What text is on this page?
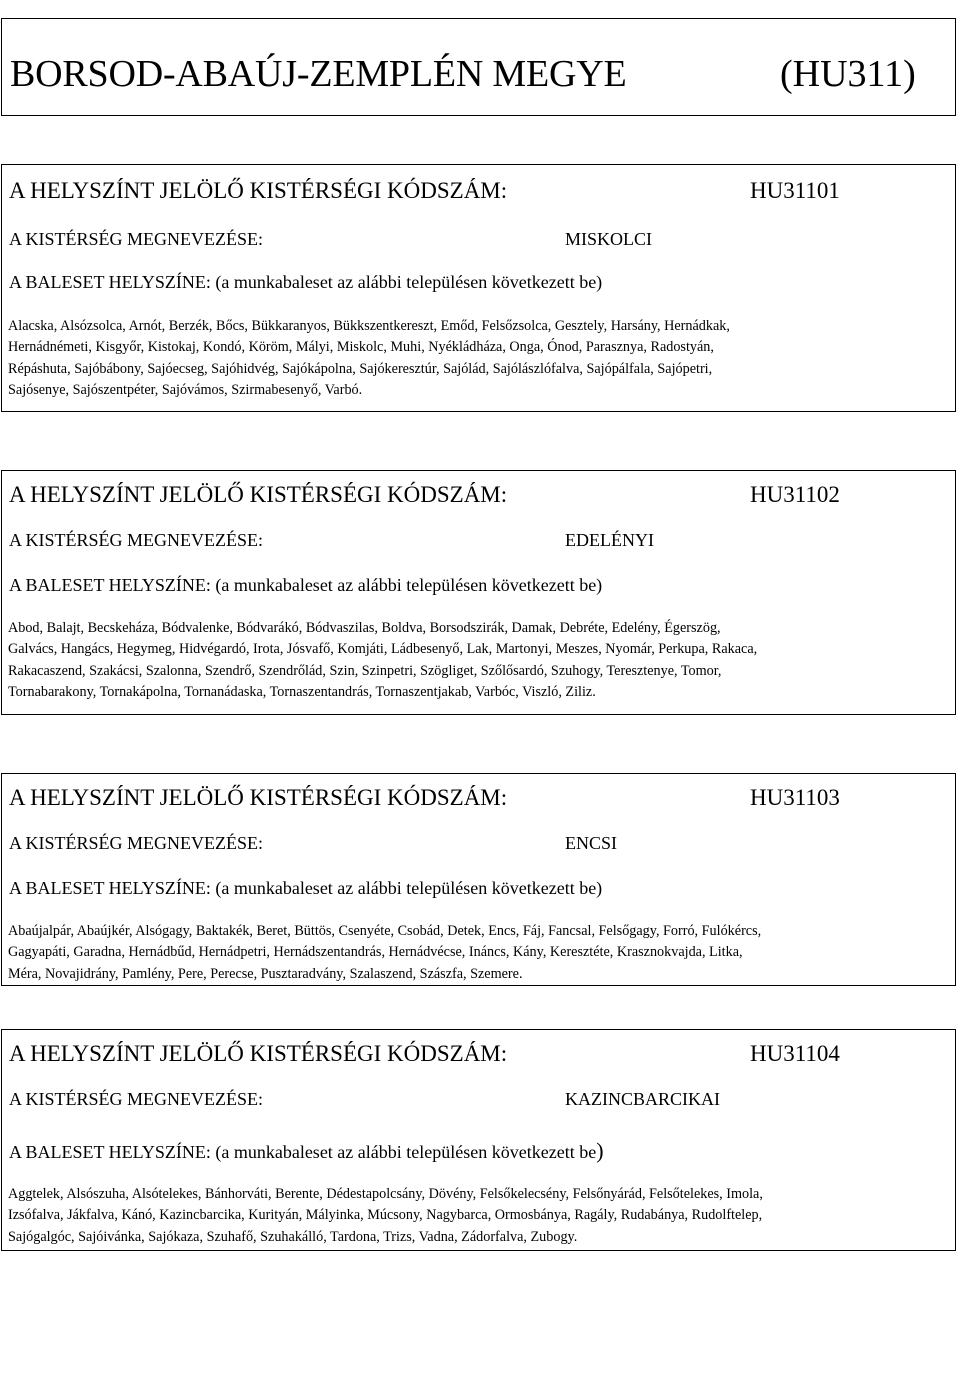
BORSOD-ABAÚJ-ZEMPLÉN MEGYE	(HU311)
A HELYSZÍNT JELÖLŐ KISTÉRSÉGI KÓDSZÁM:	HU31101
A KISTÉRSÉG MEGNEVEZÉSE:	MISKOLCI
A BALESET HELYSZÍNE: (a munkabaleset az alábbi településen következett be)
Alacska, Alsózsolca, Arnót, Berzék, Bőcs, Bükkaranyos, Bükkszentkereszt, Emőd, Felsőzsolca, Gesztely, Harsány, Hernádkak,
Hernádnémeti, Kisgyőr, Kistokaj, Kondó, Köröm, Mályi, Miskolc, Muhi, Nyékládháza, Onga, Ónod, Parasznya, Radostyán,
Répáshuta, Sajóbábony, Sajóecseg, Sajóhidvég, Sajókápolna, Sajókeresztúr, Sajólád, Sajólászlófalva, Sajópálfala, Sajópetri,
Sajósenye, Sajószentpéter, Sajóvámos, Szirmabesenyő, Varbó.
A HELYSZÍNT JELÖLŐ KISTÉRSÉGI KÓDSZÁM:	HU31102
A KISTÉRSÉG MEGNEVEZÉSE:	EDELÉNYI
A BALESET HELYSZÍNE: (a munkabaleset az alábbi településen következett be)
Abod, Balajt, Becskeháza, Bódvalenke, Bódvarákó, Bódvaszilas, Boldva, Borsodszirák, Damak, Debréte, Edelény, Égerszög,
Galvács, Hangács, Hegymeg, Hidvégardó, Irota, Jósvafő, Komjáti, Ládbesenyő, Lak, Martonyi, Meszes, Nyomár, Perkupa, Rakaca,
Rakacaszend, Szakácsi, Szalonna, Szendrő, Szendrőlád, Szin, Szinpetri, Szögliget, Szőlősardó, Szuhogy, Teresztenye, Tomor,
Tornabarakony, Tornakápolna, Tornanádaska, Tornaszentandrás, Tornaszentjakab, Varbóc, Viszló, Ziliz.
A HELYSZÍNT JELÖLŐ KISTÉRSÉGI KÓDSZÁM:	HU31103
A KISTÉRSÉG MEGNEVEZÉSE:	ENCSI
A BALESET HELYSZÍNE: (a munkabaleset az alábbi településen következett be)
Abaújalpár, Abaújkér, Alsógagy, Baktakék, Beret, Büttös, Csenyéte, Csobád, Detek, Encs, Fáj, Fancsal, Felsőgagy, Forró, Fulókércs,
Gagyapáti, Garadna, Hernádbűd, Hernádpetri, Hernádszentandrás, Hernádvécse, Ináncs, Kány, Keresztéte, Krasznokvajda, Litka,
Méra, Novajidrány, Pamlény, Pere, Perecse, Pusztaradvány, Szalaszend, Szászfa, Szemere.
A HELYSZÍNT JELÖLŐ KISTÉRSÉGI KÓDSZÁM:	HU31104
A KISTÉRSÉG MEGNEVEZÉSE:	KAZINCBARCIKAI
A BALESET HELYSZÍNE: (a munkabaleset az alábbi településen következett be)
Aggtelek, Alsószuha, Alsótelekes, Bánhorváti, Berente, Dédestapolcsány, Dövény, Felsőkelecsény, Felsőnyárád, Felsőtelekes, Imola,
Izsófalva, Jákfalva, Kánó, Kazincbarcika, Kurityán, Mályinka, Múcsony, Nagybarca, Ormosbánya, Ragály, Rudabánya, Rudolftelep,
Sajógalgóc, Sajóivánka, Sajókaza, Szuhafő, Szuhakálló, Tardona, Trizs, Vadna, Zádorfalva, Zubogy.
